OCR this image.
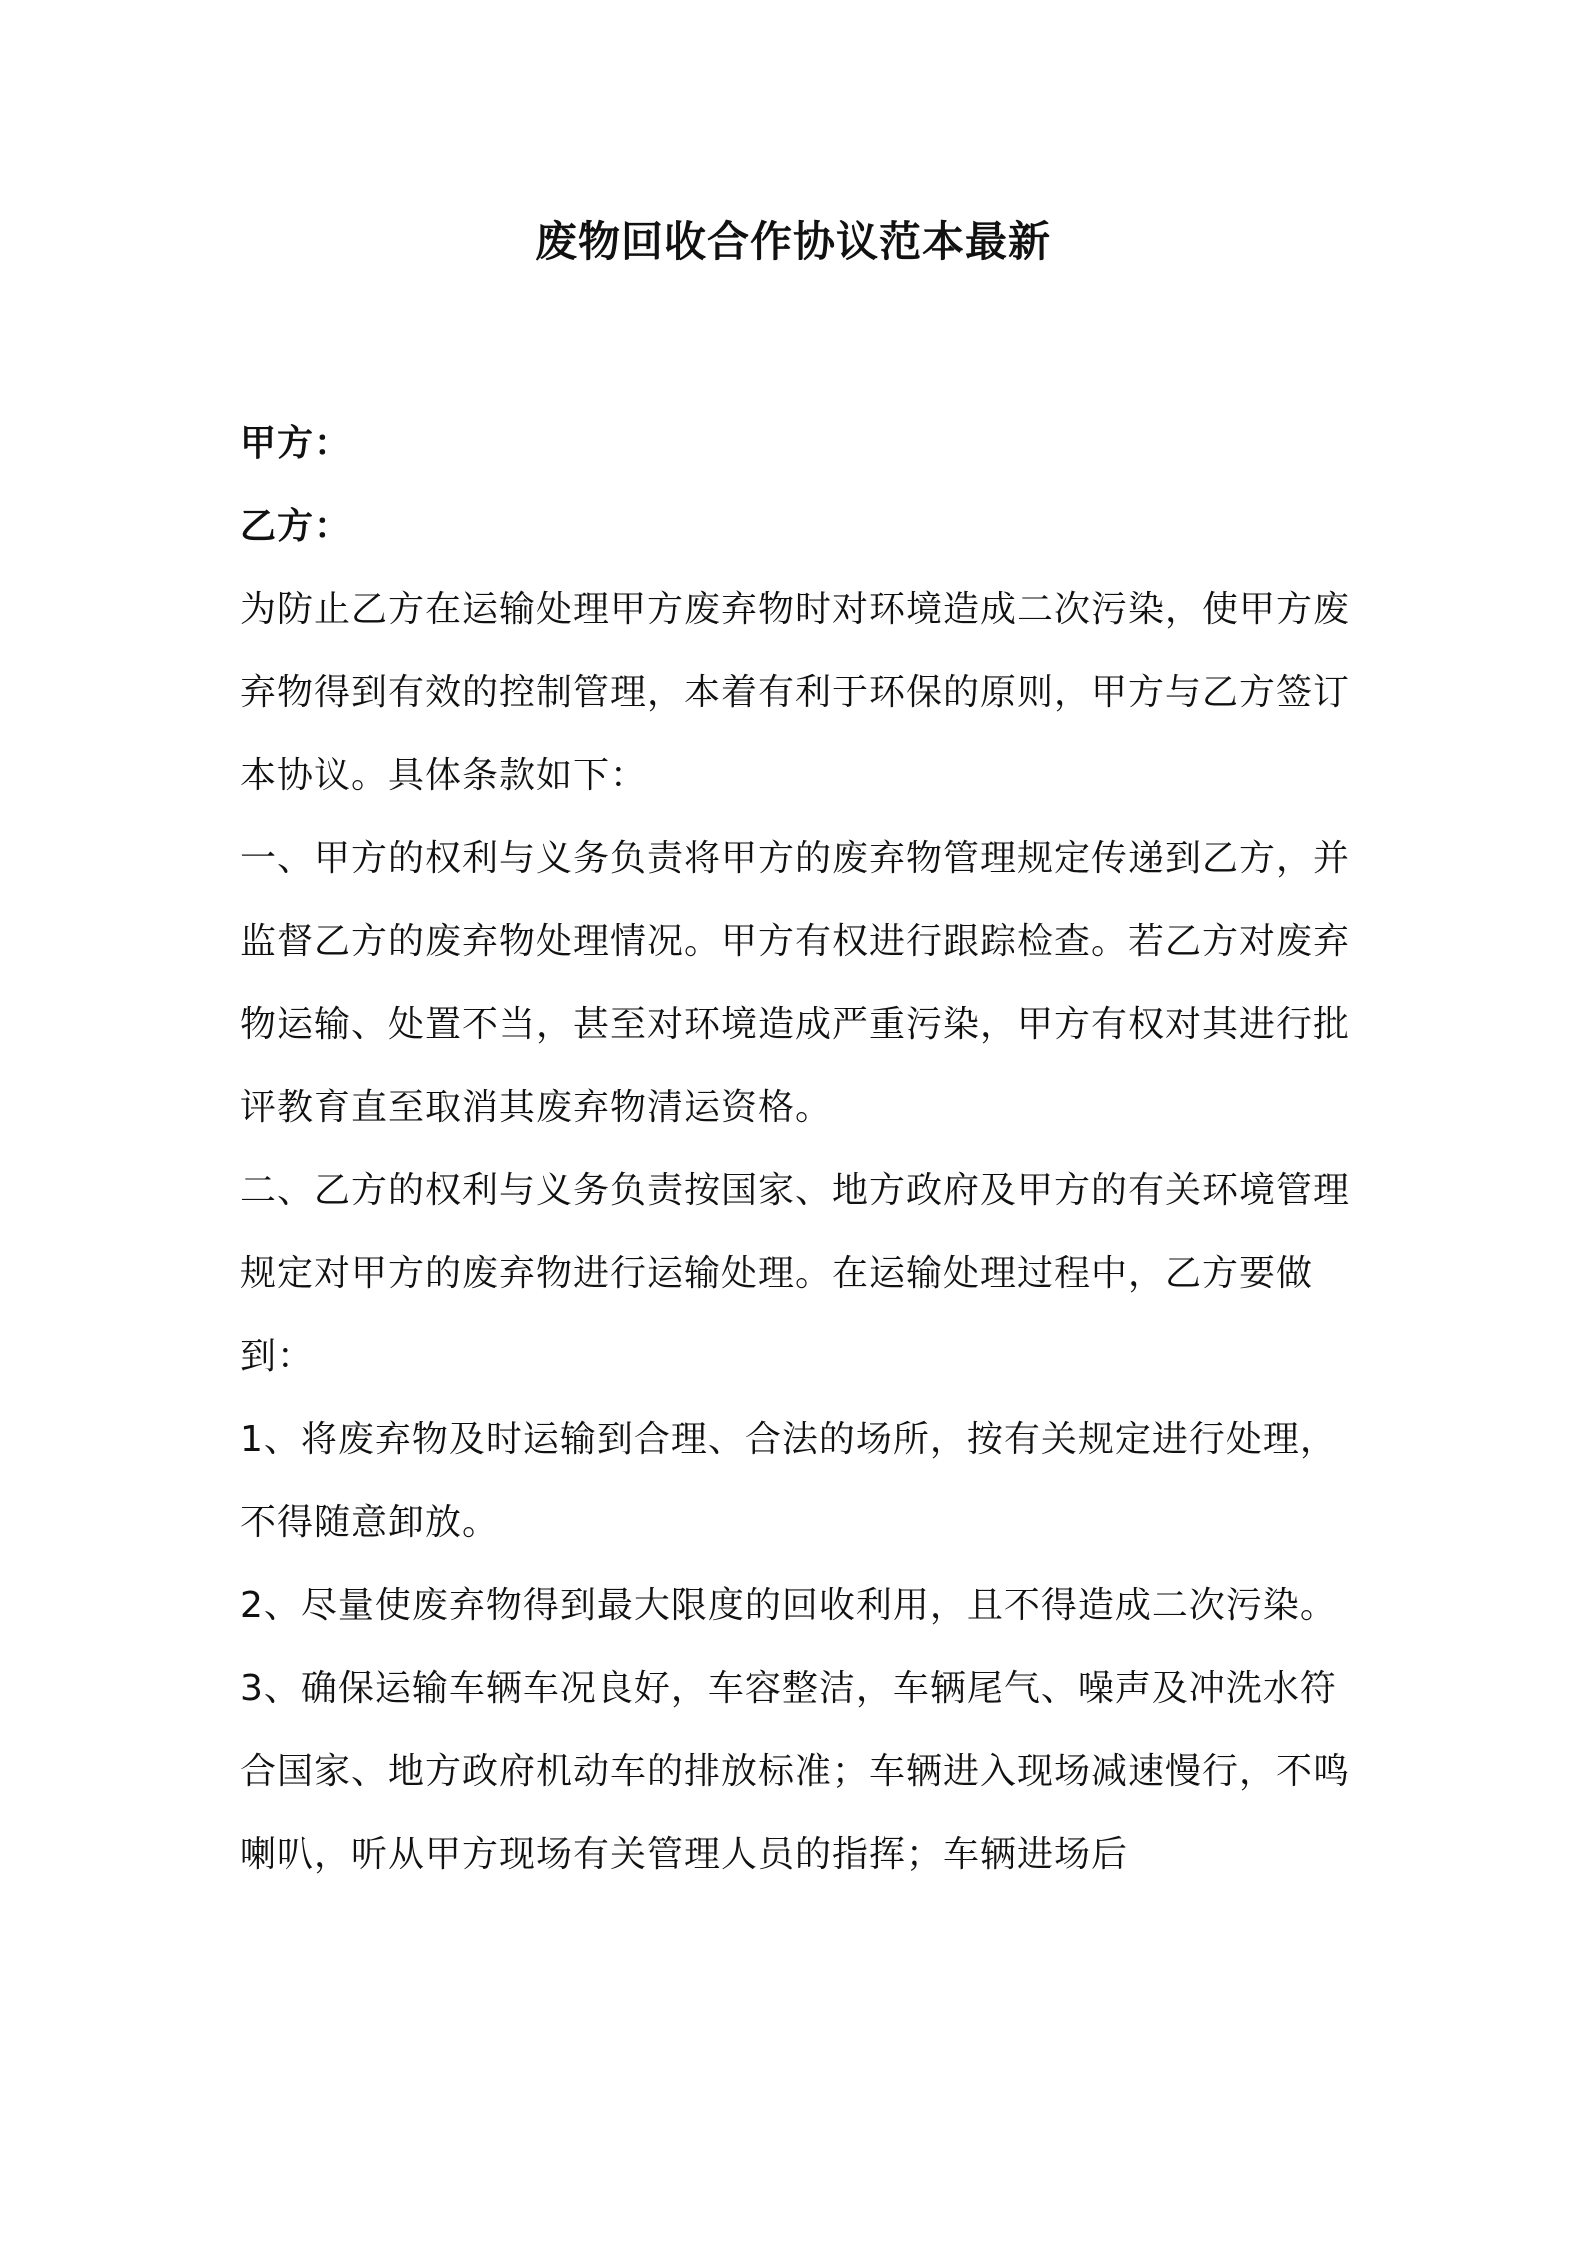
废物回收合作协议范本最新

甲方：

乙方：

为防止乙方在运输处理甲方废弃物时对环境造成二次污染，使甲方废弃物得到有效的控制管理，本着有利于环保的原则，甲方与乙方签订本协议。具体条款如下：

一、甲方的权利与义务负责将甲方的废弃物管理规定传递到乙方，并监督乙方的废弃物处理情况。甲方有权进行跟踪检查。若乙方对废弃物运输、处置不当，甚至对环境造成严重污染，甲方有权对其进行批评教育直至取消其废弃物清运资格。

二、乙方的权利与义务负责按国家、地方政府及甲方的有关环境管理规定对甲方的废弃物进行运输处理。在运输处理过程中，乙方要做到：

1、将废弃物及时运输到合理、合法的场所，按有关规定进行处理，不得随意卸放。

2、尽量使废弃物得到最大限度的回收利用，且不得造成二次污染。

3、确保运输车辆车况良好，车容整洁，车辆尾气、噪声及冲洗水符合国家、地方政府机动车的排放标准；车辆进入现场减速慢行，不鸣喇叭，听从甲方现场有关管理人员的指挥；车辆进场后
